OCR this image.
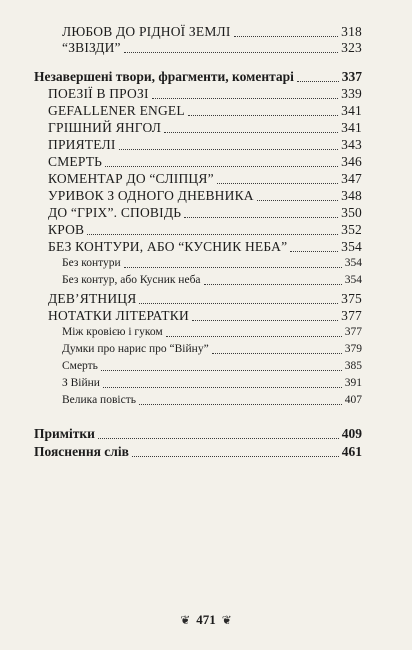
ЛЮБОВ ДО РІДНОЇ ЗЕМЛІ	318
“ЗВІЗДИ”	323
Незавершені твори, фрагменти, коментарі	337
ПОЕЗІЇ В ПРОЗІ	339
GEFALLENER ENGEL	341
ГРІШНИЙ ЯНГОЛ	341
ПРИЯТЕЛІ	343
СМЕРТЬ	346
КОМЕНТАР ДО “СЛІПЦЯ”	347
УРИВОК З ОДНОГО ДНЕВНИКА	348
ДО “ГРІХ”. СПОВІДЬ	350
КРОВ	352
БЕЗ КОНТУРИ, АБО “КУСНИК НЕБА”	354
Без контури	354
Без контур, або Кусник неба	354
ДЕВ’ЯТНИЦЯ	375
НОТАТКИ ЛІТЕРАТКИ	377
Між кровією і гуком	377
Думки про нарис про “Війну”	379
Смерть	385
З Війни	391
Велика повість	407
Примітки	409
Пояснення слів	461
❦ 471 ❦
